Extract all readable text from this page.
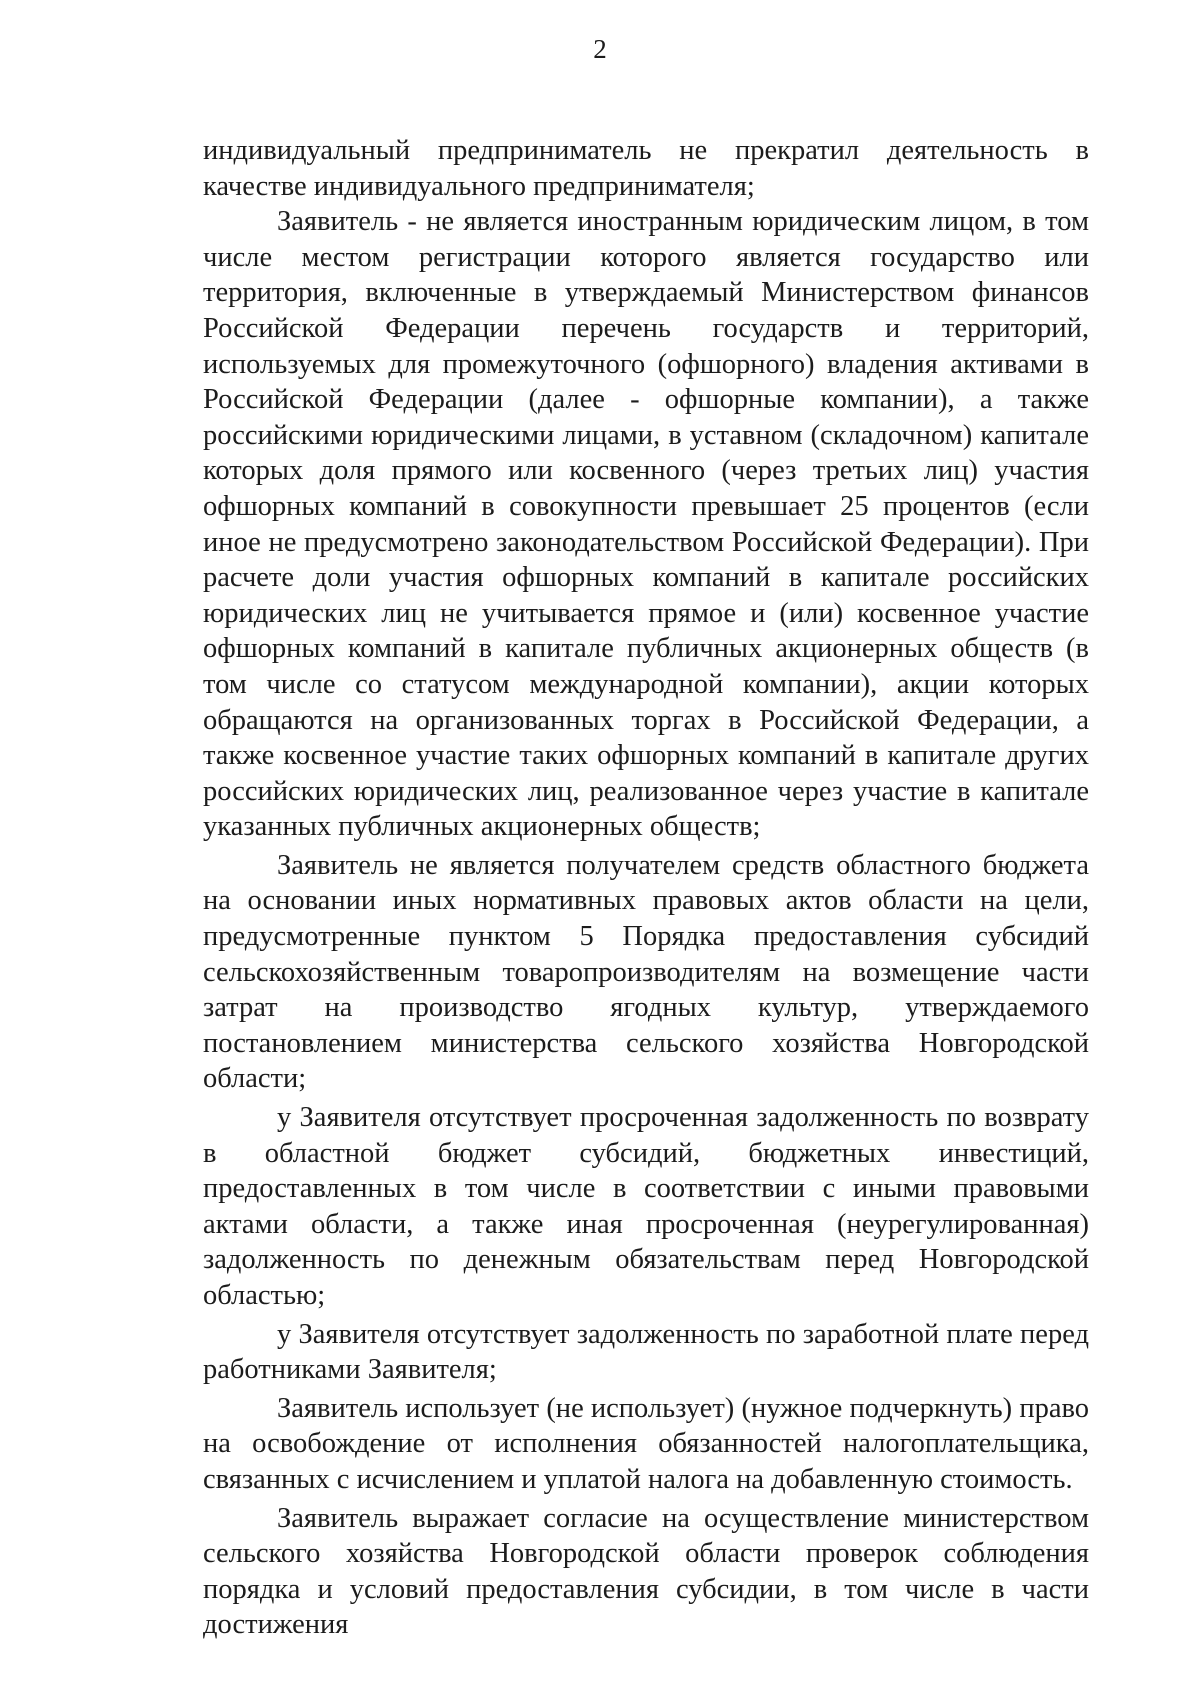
2

индивидуальный предприниматель не прекратил деятельность в качестве индивидуального предпринимателя;

Заявитель - не является иностранным юридическим лицом, в том числе местом регистрации которого является государство или территория, включенные в утверждаемый Министерством финансов Российской Федерации перечень государств и территорий, используемых для промежуточного (офшорного) владения активами в Российской Федерации (далее - офшорные компании), а также российскими юридическими лицами, в уставном (складочном) капитале которых доля прямого или косвенного (через третьих лиц) участия офшорных компаний в совокупности превышает 25 процентов (если иное не предусмотрено законодательством Российской Федерации). При расчете доли участия офшорных компаний в капитале российских юридических лиц не учитывается прямое и (или) косвенное участие офшорных компаний в капитале публичных акционерных обществ (в том числе со статусом международной компании), акции которых обращаются на организованных торгах в Российской Федерации, а также косвенное участие таких офшорных компаний в капитале других российских юридических лиц, реализованное через участие в капитале указанных публичных акционерных обществ;

Заявитель не является получателем средств областного бюджета на основании иных нормативных правовых актов области на цели, предусмотренные пунктом 5 Порядка предоставления субсидий сельскохозяйственным товаропроизводителям на возмещение части затрат на производство ягодных культур, утверждаемого постановлением министерства сельского хозяйства Новгородской области;

у Заявителя отсутствует просроченная задолженность по возврату в областной бюджет субсидий, бюджетных инвестиций, предоставленных в том числе в соответствии с иными правовыми актами области, а также иная просроченная (неурегулированная) задолженность по денежным обязательствам перед Новгородской областью;

у Заявителя отсутствует задолженность по заработной плате перед работниками Заявителя;

Заявитель использует (не использует) (нужное подчеркнуть) право на освобождение от исполнения обязанностей налогоплательщика, связанных с исчислением и уплатой налога на добавленную стоимость.

Заявитель выражает согласие на осуществление министерством сельского хозяйства Новгородской области проверок соблюдения порядка и условий предоставления субсидии, в том числе в части достижения
